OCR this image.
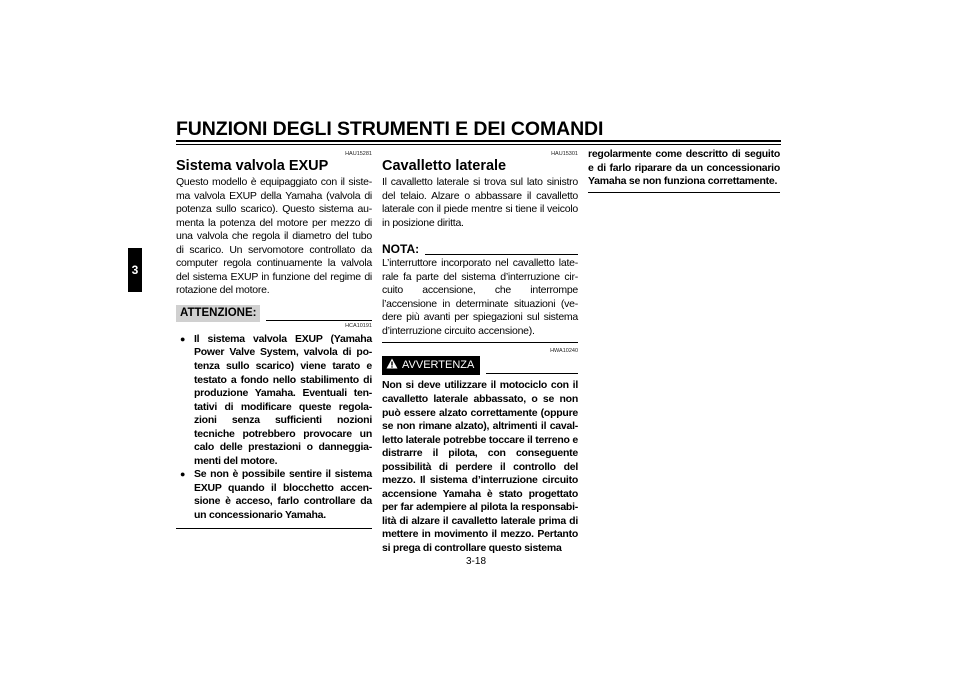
FUNZIONI DEGLI STRUMENTI E DEI COMANDI
3
HAU15281
Sistema valvola EXUP

Questo modello è equipaggiato con il siste- ma valvola EXUP della Yamaha (valvola di potenza sullo scarico). Questo sistema au- menta la potenza del motore per mezzo di una valvola che regola il diametro del tubo di scarico. Un servomotore controllato da computer regola continuamente la valvola del sistema EXUP in funzione del regime di rotazione del motore.

ATTENZIONE:
HCA10191
● Il sistema valvola EXUP (Yamaha Power Valve System, valvola di po- tenza sullo scarico) viene tarato e testato a fondo nello stabilimento di produzione Yamaha. Eventuali ten- tativi di modificare queste regola- zioni senza sufficienti nozioni tecniche potrebbero provocare un calo delle prestazioni o danneggia- menti del motore.
● Se non è possibile sentire il sistema EXUP quando il blocchetto accen- sione è acceso, farlo controllare da un concessionario Yamaha.
HAU15301
Cavalletto laterale

Il cavalletto laterale si trova sul lato sinistro del telaio. Alzare o abbassare il cavalletto laterale con il piede mentre si tiene il veicolo in posizione diritta.

NOTA:

L’interruttore incorporato nel cavalletto late- rale fa parte del sistema d’interruzione cir- cuito accensione, che interrompe l’accensione in determinate situazioni (ve- dere più avanti per spiegazioni sul sistema d’interruzione circuito accensione).

HWA10240
AVVERTENZA

Non si deve utilizzare il motociclo con il cavalletto laterale abbassato, o se non può essere alzato correttamente (oppure se non rimane alzato), altrimenti il caval- letto laterale potrebbe toccare il terreno e distrarre il pilota, con conseguente possibilità di perdere il controllo del mezzo. Il sistema d’interruzione circuito accensione Yamaha è stato progettato per far adempiere al pilota la responsabi- lità di alzare il cavalletto laterale prima di mettere in movimento il mezzo. Pertanto si prega di controllare questo sistema

regolarmente come descritto di seguito e di farlo riparare da un concessionario Yamaha se non funziona correttamente.

3-18
